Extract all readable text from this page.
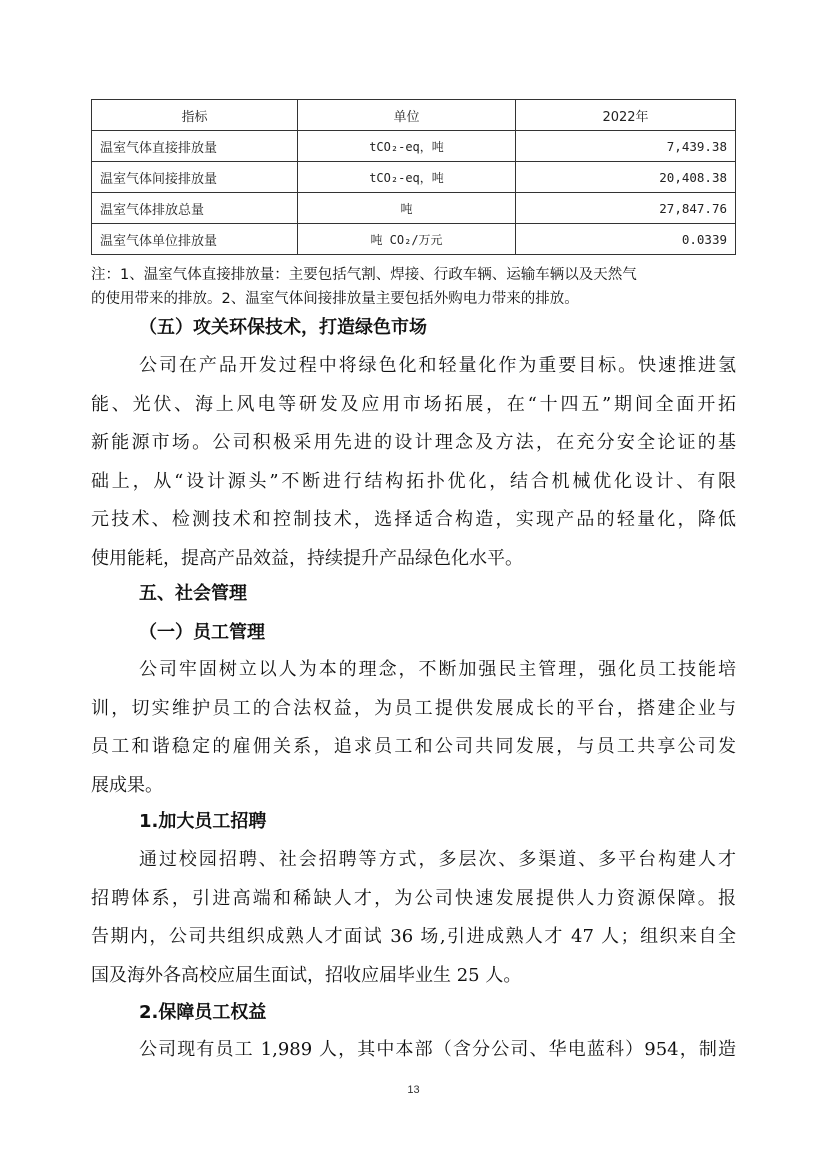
指标	单位	2022年
温室气体直接排放量	tCO₂-eq，吨	7,439.38
温室气体间接排放量	tCO₂-eq，吨	20,408.38
温室气体排放总量	吨	27,847.76
温室气体单位排放量	吨 CO₂/万元	0.0339
注：1、温室气体直接排放量：主要包括气割、焊接、行政车辆、运输车辆以及天然气
的使用带来的排放。2、温室气体间接排放量主要包括外购电力带来的排放。
（五）攻关环保技术，打造绿色市场
公司在产品开发过程中将绿色化和轻量化作为重要目标。快速推进氢
能、光伏、海上风电等研发及应用市场拓展，在“十四五”期间全面开拓
新能源市场。公司积极采用先进的设计理念及方法，在充分安全论证的基
础上，从“设计源头”不断进行结构拓扑优化，结合机械优化设计、有限
元技术、检测技术和控制技术，选择适合构造，实现产品的轻量化，降低
使用能耗，提高产品效益，持续提升产品绿色化水平。
五、社会管理
（一）员工管理
公司牢固树立以人为本的理念，不断加强民主管理，强化员工技能培
训，切实维护员工的合法权益，为员工提供发展成长的平台，搭建企业与
员工和谐稳定的雇佣关系，追求员工和公司共同发展，与员工共享公司发
展成果。
1.加大员工招聘
通过校园招聘、社会招聘等方式，多层次、多渠道、多平台构建人才
招聘体系，引进高端和稀缺人才，为公司快速发展提供人力资源保障。报
告期内，公司共组织成熟人才面试 36 场,引进成熟人才 47 人；组织来自全
国及海外各高校应届生面试，招收应届毕业生 25 人。
2.保障员工权益
公司现有员工 1,989 人，其中本部（含分公司、华电蓝科）954，制造
13
